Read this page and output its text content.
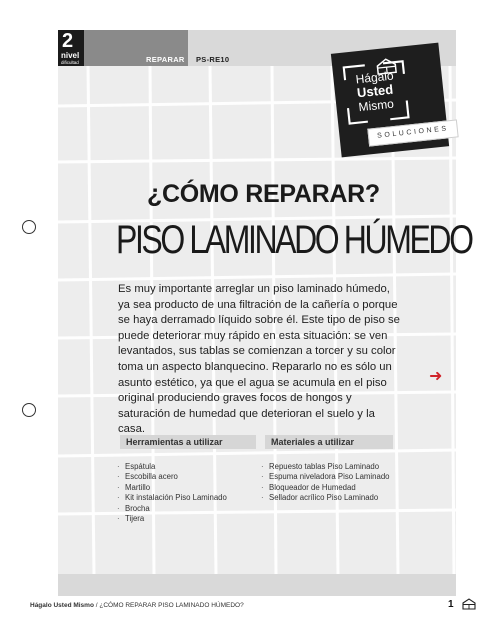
2
nivel
dificultad	REPARAR PS-RE10
Hágalo
Usted
Mismo
SOLUCIONES
¿CÓMO REPARAR?
PISO LAMINADO HÚMEDO

Es muy importante arreglar un piso laminado húmedo, ya sea producto de una filtración de la cañería o porque se haya derramado líquido sobre él. Este tipo de piso se puede deteriorar muy rápido en esta situación: se ven levantados, sus tablas se comienzan a torcer y su color toma un aspecto blanquecino. Repararlo no es sólo un asunto estético, ya que el agua se acumula en el piso original produciendo graves focos de hongos y saturación de humedad que deterioran el suelo y la casa.

➜
Herramientas a utilizar	Materiales a utilizar
· Espátula
· Escobilla acero
· Martillo
· Kit instalación Piso Laminado
· Brocha
· Tijera
· Repuesto tablas Piso Laminado
· Espuma niveladora Piso Laminado
· Bloqueador de Humedad
· Sellador acrílico Piso Laminado
Hágalo Usted Mismo / ¿CÓMO REPARAR PISO LAMINADO HÚMEDO?	1
